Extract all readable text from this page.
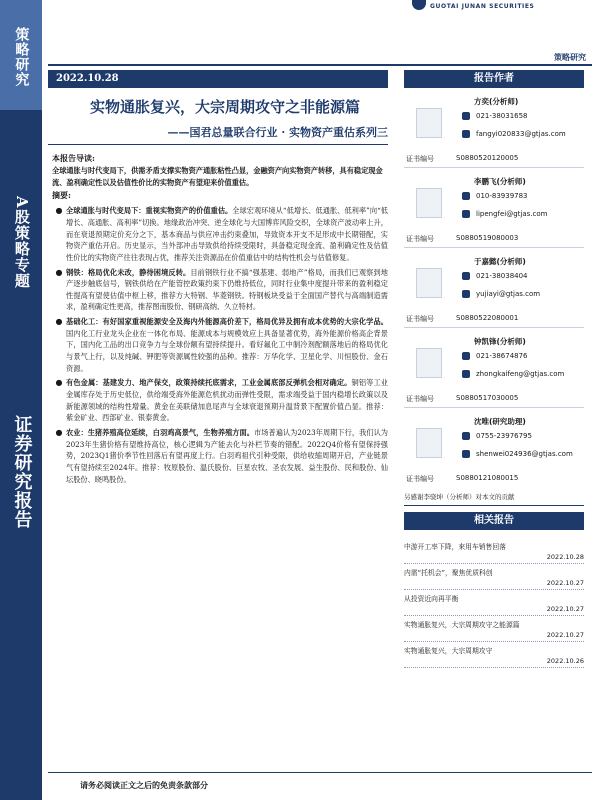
策略研究
A股策略专题
证券研究报告
GUOTAI JUNAN SECURITIES
策略研究
2022.10.28
实物通胀复兴，大宗周期攻守之非能源篇
——国君总量联合行业 · 实物资产重估系列三
本报告导读:
全球通胀与时代变局下，供需矛盾支撑实物资产通胀粘性凸显，金融资产向实物资产转移，具有稳定现金流、盈利确定性以及估值性价比的实物资产有望迎来价值重估。
摘要:
● 全球通胀与时代变局下：重视实物资产的价值重估。全球宏观环境从“低增长、低通胀、低利率”向“低增长、高通胀、高利率”切换。地缘政治冲突、逆全球化与大国博弈风险交织，全球资产波动率上升，而在衰退预期定价充分之下，基本商品与供应冲击约束叠加，导致资本开支不足形成中长期错配，实物资产重估开启。历史显示，当外部冲击导致供给持续受限时，具备稳定现金流、盈利确定性及估值性价比的实物资产往往表现占优，推荐关注资源品在价值重估中的结构性机会与估值修复。
● 钢铁：格局优化未改，静待困境反转。目前钢铁行业不搞“强基建、弱地产”格局，而我们已观察到地产逐步触底信号，钢铁供给在产能管控政策约束下仍维持低位，同时行业集中度提升带来的盈利稳定性提高有望使估值中枢上移，推荐方大特钢、华菱钢铁。特钢板块受益于全面国产替代与高端制造需求，盈利确定性更高，推荐图南股份、钢研高纳、久立特材。
● 基础化工：有好国家重视能源安全及海内外能源高价差下，格局优异及拥有成本优势的大宗化学品。国内化工行业龙头企业在一体化布局、能源成本与规模效应上具备显著优势，海外能源价格高企背景下，国内化工品的出口竞争力与全球份额有望持续提升。看好氟化工中制冷剂配额落地后的格局优化与景气上行，以及纯碱、钾肥等资源属性较强的品种。推荐：万华化学、卫星化学、川恒股份、金石资源。
● 有色金属：基建发力、地产保交，政策持续托底需求，工业金属底部反弹机会相对确定。铜铝等工业金属库存处于历史低位，供给端受海外能源危机扰动而弹性受限，需求端受益于国内稳增长政策以及新能源领域的结构性增量。黄金在美联储加息尾声与全球衰退预期升温背景下配置价值凸显。推荐：紫金矿业、西部矿业、银泰黄金。
● 农业：生猪养殖高位延续，白羽鸡高景气，生物养殖方面。市场普遍认为2023年周期下行，我们认为2023年生猪价格有望维持高位，核心逻辑为产能去化与补栏节奏的错配。2022Q4价格有望保持强势，2023Q1猪价季节性回落后有望再度上行。白羽鸡祖代引种受限，供给收缩周期开启，产业链景气有望持续至2024年。推荐：牧原股份、温氏股份、巨星农牧、圣农发展、益生股份、民和股份、仙坛股份、晓鸣股份。
请务必阅读正文之后的免责条款部分
报告作者
方奕(分析师)
021-38031658
fangyi020833@gtjas.com
证书编号	S0880520120005
李鹏飞(分析师)
010-83939783
lipengfei@gtjas.com
证书编号	S0880519080003
于嘉懿(分析师)
021-38038404
yujiayi@gtjas.com
证书编号	S0880522080001
钟凯锋(分析师)
021-38674876
zhongkaifeng@gtjas.com
证书编号	S0880517030005
沈唯(研究助理)
0755-23976795
shenwei024936@gtjas.com
证书编号	S0880121080015
另感谢李骁坤（分析师）对本文的贡献
相关报告
中游开工率下降，來用车销售回落
2022.10.28
内需“托机会”，聚焦优质科创
2022.10.27
从投资近向再平衡
2022.10.27
实物通胀复兴，大宗周期攻守之能源篇
2022.10.27
实物通胀复兴，大宗周期攻守
2022.10.26
